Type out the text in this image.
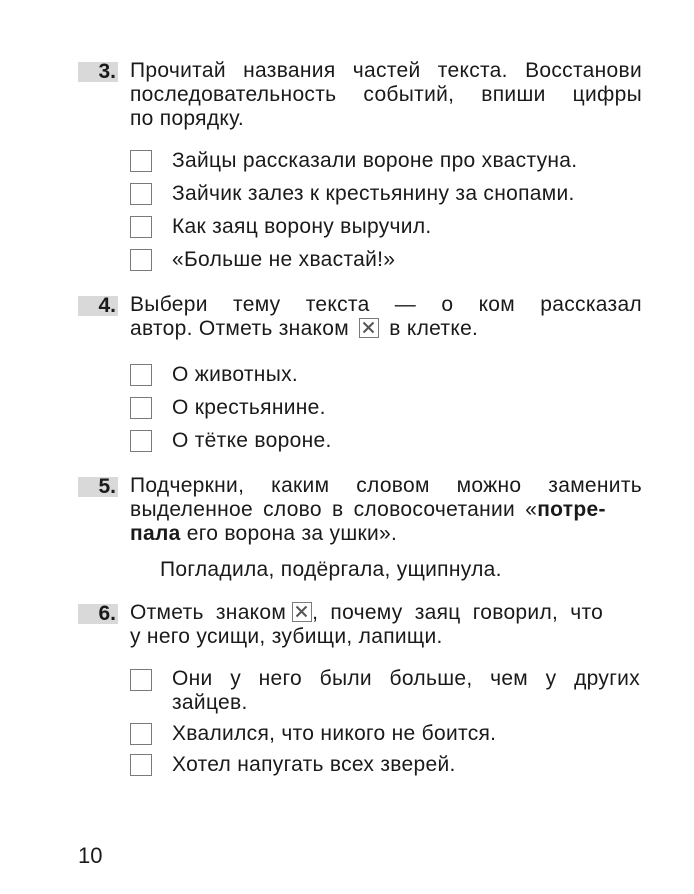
3. Прочитай названия частей текста. Восстанови
последовательность событий, впиши цифры
по порядку.
Зайцы рассказали вороне про хвастуна.
Зайчик залез к крестьянину за снопами.
Как заяц ворону выручил.
«Больше не хвастай!»
4. Выбери тему текста — о ком рассказал
автор. Отметь знаком в клетке.
О животных.
О крестьянине.
О тётке вороне.
5. Подчеркни, каким словом можно заменить
выделенное слово в словосочетании «потре-
пала его ворона за ушки».
Погладила, подёргала, ущипнула.
6. Отметь знаком , почему заяц говорил, что
у него усищи, зубищи, лапищи.
Они у него были больше, чем у других
зайцев.
Хвалился, что никого не боится.
Хотел напугать всех зверей.
10
